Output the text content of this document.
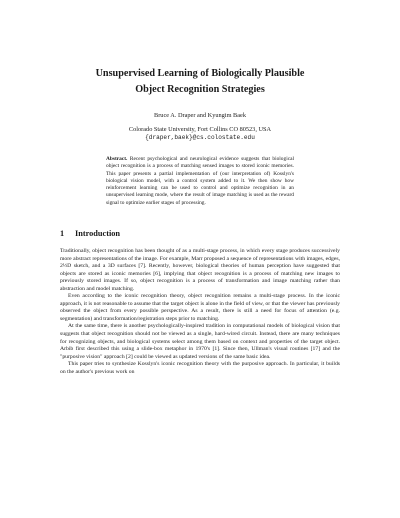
Unsupervised Learning of Biologically Plausible
Object Recognition Strategies
Bruce A. Draper and Kyungim Baek
Colorado State University, Fort Collins CO 80523, USA
{draper,baek}@cs.colostate.edu
Abstract. Recent psychological and neurological evidence suggests that biological object recognition is a process of matching sensed images to stored iconic memories. This paper presents a partial implementation of (our interpretation of) Kosslyn's biological vision model, with a control system added to it. We then show how reinforcement learning can be used to control and optimize recognition in an unsupervised learning mode, where the result of image matching is used as the reward signal to optimize earlier stages of processing.
1 Introduction

Traditionally, object recognition has been thought of as a multi-stage process, in which every stage produces successively more abstract representations of the image. For example, Marr proposed a sequence of representations with images, edges, 2½D sketch, and a 3D surfaces [7]. Recently, however, biological theories of human perception have suggested that objects are stored as iconic memories [6], implying that object recognition is a process of matching new images to previously stored images. If so, object recognition is a process of transformation and image matching rather than abstraction and model matching.

Even according to the iconic recognition theory, object recognition remains a multi-stage process. In the iconic approach, it is not reasonable to assume that the target object is alone in the field of view, or that the viewer has previously observed the object from every possible perspective. As a result, there is still a need for focus of attention (e.g. segmentation) and transformation/registration steps prior to matching.

At the same time, there is another psychologically-inspired tradition in computational models of biological vision that suggests that object recognition should not be viewed as a single, hard-wired circuit. Instead, there are many techniques for recognizing objects, and biological systems select among them based on context and properties of the target object. Arbib first described this using a slide-box metaphor in 1970's [1]. Since then, Ullman's visual routines [17] and the "purposive vision" approach [2] could be viewed as updated versions of the same basic idea.

This paper tries to synthesize Kosslyn's iconic recognition theory with the purposive approach. In particular, it builds on the author's previous work on
